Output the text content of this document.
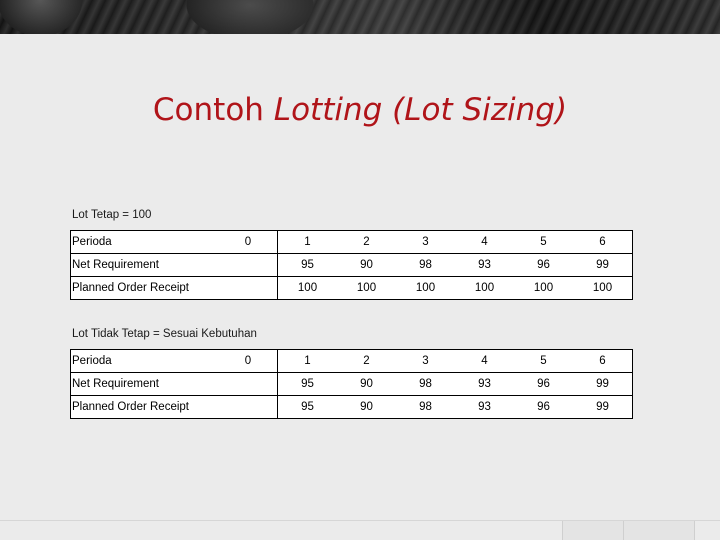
Contoh Lotting (Lot Sizing)
Lot Tetap = 100
Perioda	0	1	2	3	4	5	6
Net Requirement		95	90	98	93	96	99
Planned Order Receipt		100	100	100	100	100	100
Lot Tidak Tetap = Sesuai Kebutuhan
Perioda	0	1	2	3	4	5	6
Net Requirement		95	90	98	93	96	99
Planned Order Receipt		95	90	98	93	96	99
